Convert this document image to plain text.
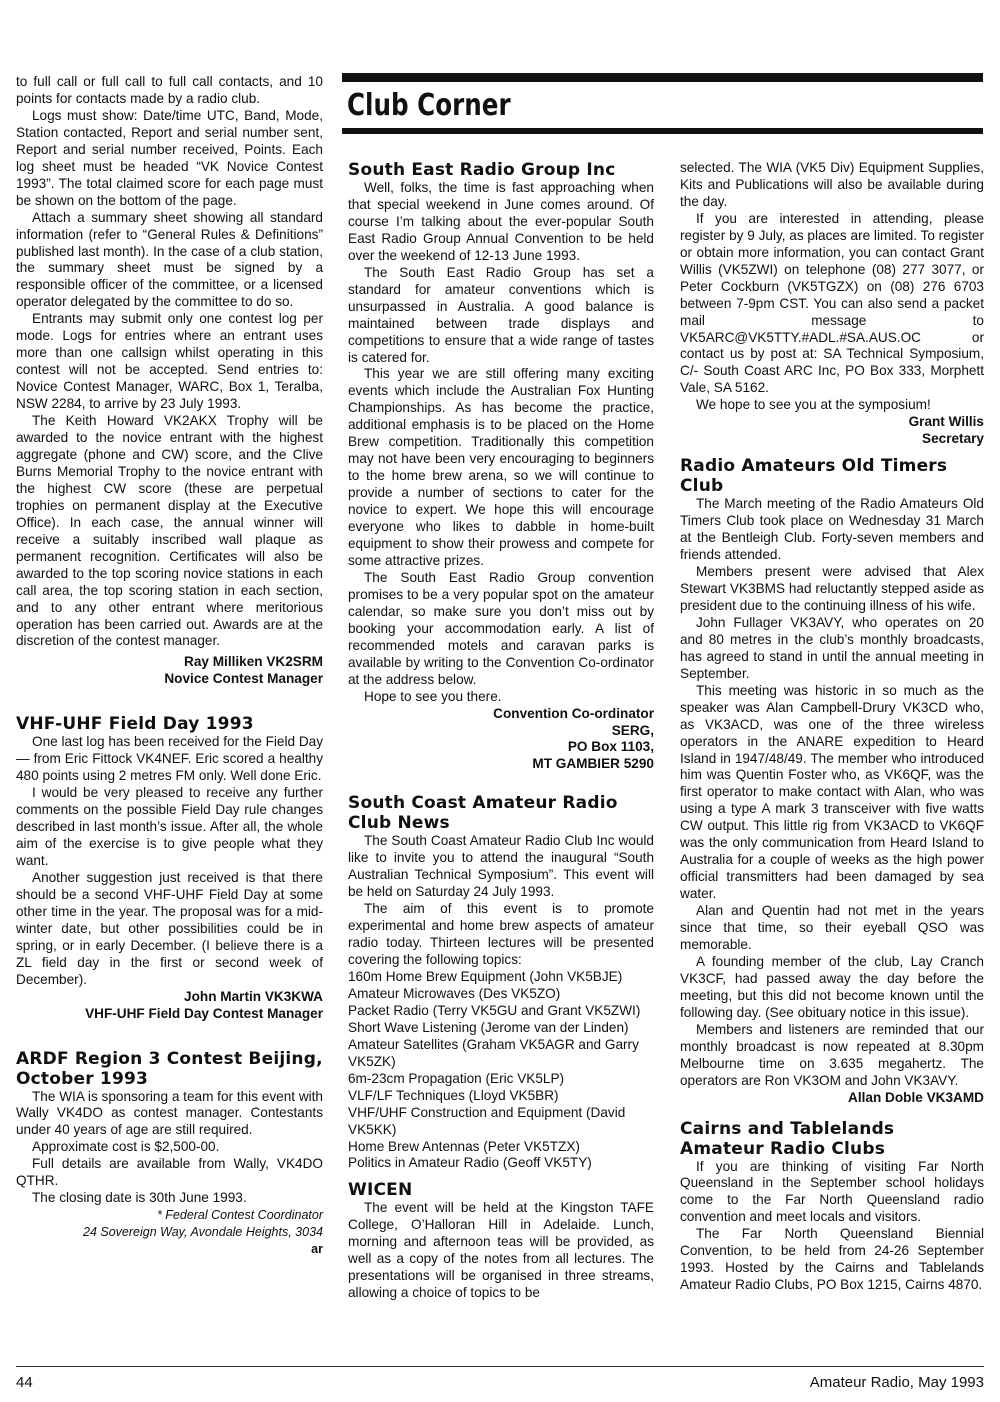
Club Corner

to full call or full call to full call contacts, and 10 points for contacts made by a radio club.

Logs must show: Date/time UTC, Band, Mode, Station contacted, Report and serial number sent, Report and serial number received, Points. Each log sheet must be headed “VK Novice Contest 1993”. The total claimed score for each page must be shown on the bottom of the page.

Attach a summary sheet showing all standard information (refer to “General Rules & Definitions” published last month). In the case of a club station, the summary sheet must be signed by a responsible officer of the committee, or a licensed operator delegated by the committee to do so.

Entrants may submit only one contest log per mode. Logs for entries where an entrant uses more than one callsign whilst operating in this contest will not be accepted. Send entries to: Novice Contest Manager, WARC, Box 1, Teralba, NSW 2284, to arrive by 23 July 1993.

The Keith Howard VK2AKX Trophy will be awarded to the novice entrant with the highest aggregate (phone and CW) score, and the Clive Burns Memorial Trophy to the novice entrant with the highest CW score (these are perpetual trophies on permanent display at the Executive Office). In each case, the annual winner will receive a suitably inscribed wall plaque as permanent recognition. Certificates will also be awarded to the top scoring novice stations in each call area, the top scoring station in each section, and to any other entrant where meritorious operation has been carried out. Awards are at the discretion of the contest manager.

Ray Milliken VK2SRM

Novice Contest Manager

VHF-UHF Field Day 1993

One last log has been received for the Field Day — from Eric Fittock VK4NEF. Eric scored a healthy 480 points using 2 metres FM only. Well done Eric.

I would be very pleased to receive any further comments on the possible Field Day rule changes described in last month’s issue. After all, the whole aim of the exercise is to give people what they want.

Another suggestion just received is that there should be a second VHF-UHF Field Day at some other time in the year. The proposal was for a mid-winter date, but other possibilities could be in spring, or in early December. (I believe there is a ZL field day in the first or second week of December).

John Martin VK3KWA

VHF-UHF Field Day Contest Manager

ARDF Region 3 Contest Beijing, October 1993

The WIA is sponsoring a team for this event with Wally VK4DO as contest manager. Contestants under 40 years of age are still required.

Approximate cost is $2,500-00.

Full details are available from Wally, VK4DO QTHR.

The closing date is 30th June 1993.

* Federal Contest Coordinator

24 Sovereign Way, Avondale Heights, 3034

ar

South East Radio Group Inc

Well, folks, the time is fast approaching when that special weekend in June comes around. Of course I’m talking about the ever-popular South East Radio Group Annual Convention to be held over the weekend of 12-13 June 1993.

The South East Radio Group has set a standard for amateur conventions which is unsurpassed in Australia. A good balance is maintained between trade displays and competitions to ensure that a wide range of tastes is catered for.

This year we are still offering many exciting events which include the Australian Fox Hunting Championships. As has become the practice, additional emphasis is to be placed on the Home Brew competition. Traditionally this competition may not have been very encouraging to beginners to the home brew arena, so we will continue to provide a number of sections to cater for the novice to expert. We hope this will encourage everyone who likes to dabble in home-built equipment to show their prowess and compete for some attractive prizes.

The South East Radio Group convention promises to be a very popular spot on the amateur calendar, so make sure you don’t miss out by booking your accommodation early. A list of recommended motels and caravan parks is available by writing to the Convention Co-ordinator at the address below.

Hope to see you there.

Convention Co-ordinator

SERG,

PO Box 1103,

MT GAMBIER 5290

South Coast Amateur Radio Club News

The South Coast Amateur Radio Club Inc would like to invite you to attend the inaugural “South Australian Technical Symposium”. This event will be held on Saturday 24 July 1993.

The aim of this event is to promote experimental and home brew aspects of amateur radio today. Thirteen lectures will be presented covering the following topics:

160m Home Brew Equipment (John VK5BJE)

Amateur Microwaves (Des VK5ZO)

Packet Radio (Terry VK5GU and Grant VK5ZWI)

Short Wave Listening (Jerome van der Linden)

Amateur Satellites (Graham VK5AGR and Garry VK5ZK)

6m-23cm Propagation (Eric VK5LP)

VLF/LF Techniques (Lloyd VK5BR)

VHF/UHF Construction and Equipment (David VK5KK)

Home Brew Antennas (Peter VK5TZX)

Politics in Amateur Radio (Geoff VK5TY)

WICEN

The event will be held at the Kingston TAFE College, O’Halloran Hill in Adelaide. Lunch, morning and afternoon teas will be provided, as well as a copy of the notes from all lectures. The presentations will be organised in three streams, allowing a choice of topics to be

selected. The WIA (VK5 Div) Equipment Supplies, Kits and Publications will also be available during the day.

If you are interested in attending, please register by 9 July, as places are limited. To register or obtain more information, you can contact Grant Willis (VK5ZWI) on telephone (08) 277 3077, or Peter Cockburn (VK5TGZX) on (08) 276 6703 between 7-9pm CST. You can also send a packet mail message to VK5ARC@VK5TTY.#ADL.#SA.AUS.OC or contact us by post at: SA Technical Symposium, C/- South Coast ARC Inc, PO Box 333, Morphett Vale, SA 5162.

We hope to see you at the symposium!

Grant Willis

Secretary

Radio Amateurs Old Timers Club

The March meeting of the Radio Amateurs Old Timers Club took place on Wednesday 31 March at the Bentleigh Club. Forty-seven members and friends attended.

Members present were advised that Alex Stewart VK3BMS had reluctantly stepped aside as president due to the continuing illness of his wife.

John Fullager VK3AVY, who operates on 20 and 80 metres in the club’s monthly broadcasts, has agreed to stand in until the annual meeting in September.

This meeting was historic in so much as the speaker was Alan Campbell-Drury VK3CD who, as VK3ACD, was one of the three wireless operators in the ANARE expedition to Heard Island in 1947/48/49. The member who introduced him was Quentin Foster who, as VK6QF, was the first operator to make contact with Alan, who was using a type A mark 3 transceiver with five watts CW output. This little rig from VK3ACD to VK6QF was the only communication from Heard Island to Australia for a couple of weeks as the high power official transmitters had been damaged by sea water.

Alan and Quentin had not met in the years since that time, so their eyeball QSO was memorable.

A founding member of the club, Lay Cranch VK3CF, had passed away the day before the meeting, but this did not become known until the following day. (See obituary notice in this issue).

Members and listeners are reminded that our monthly broadcast is now repeated at 8.30pm Melbourne time on 3.635 megahertz. The operators are Ron VK3OM and John VK3AVY.

Allan Doble VK3AMD

Cairns and Tablelands Amateur Radio Clubs

If you are thinking of visiting Far North Queensland in the September school holidays come to the Far North Queensland radio convention and meet locals and visitors.

The Far North Queensland Biennial Convention, to be held from 24-26 September 1993. Hosted by the Cairns and Tablelands Amateur Radio Clubs, PO Box 1215, Cairns 4870.

44	Amateur Radio, May 1993
